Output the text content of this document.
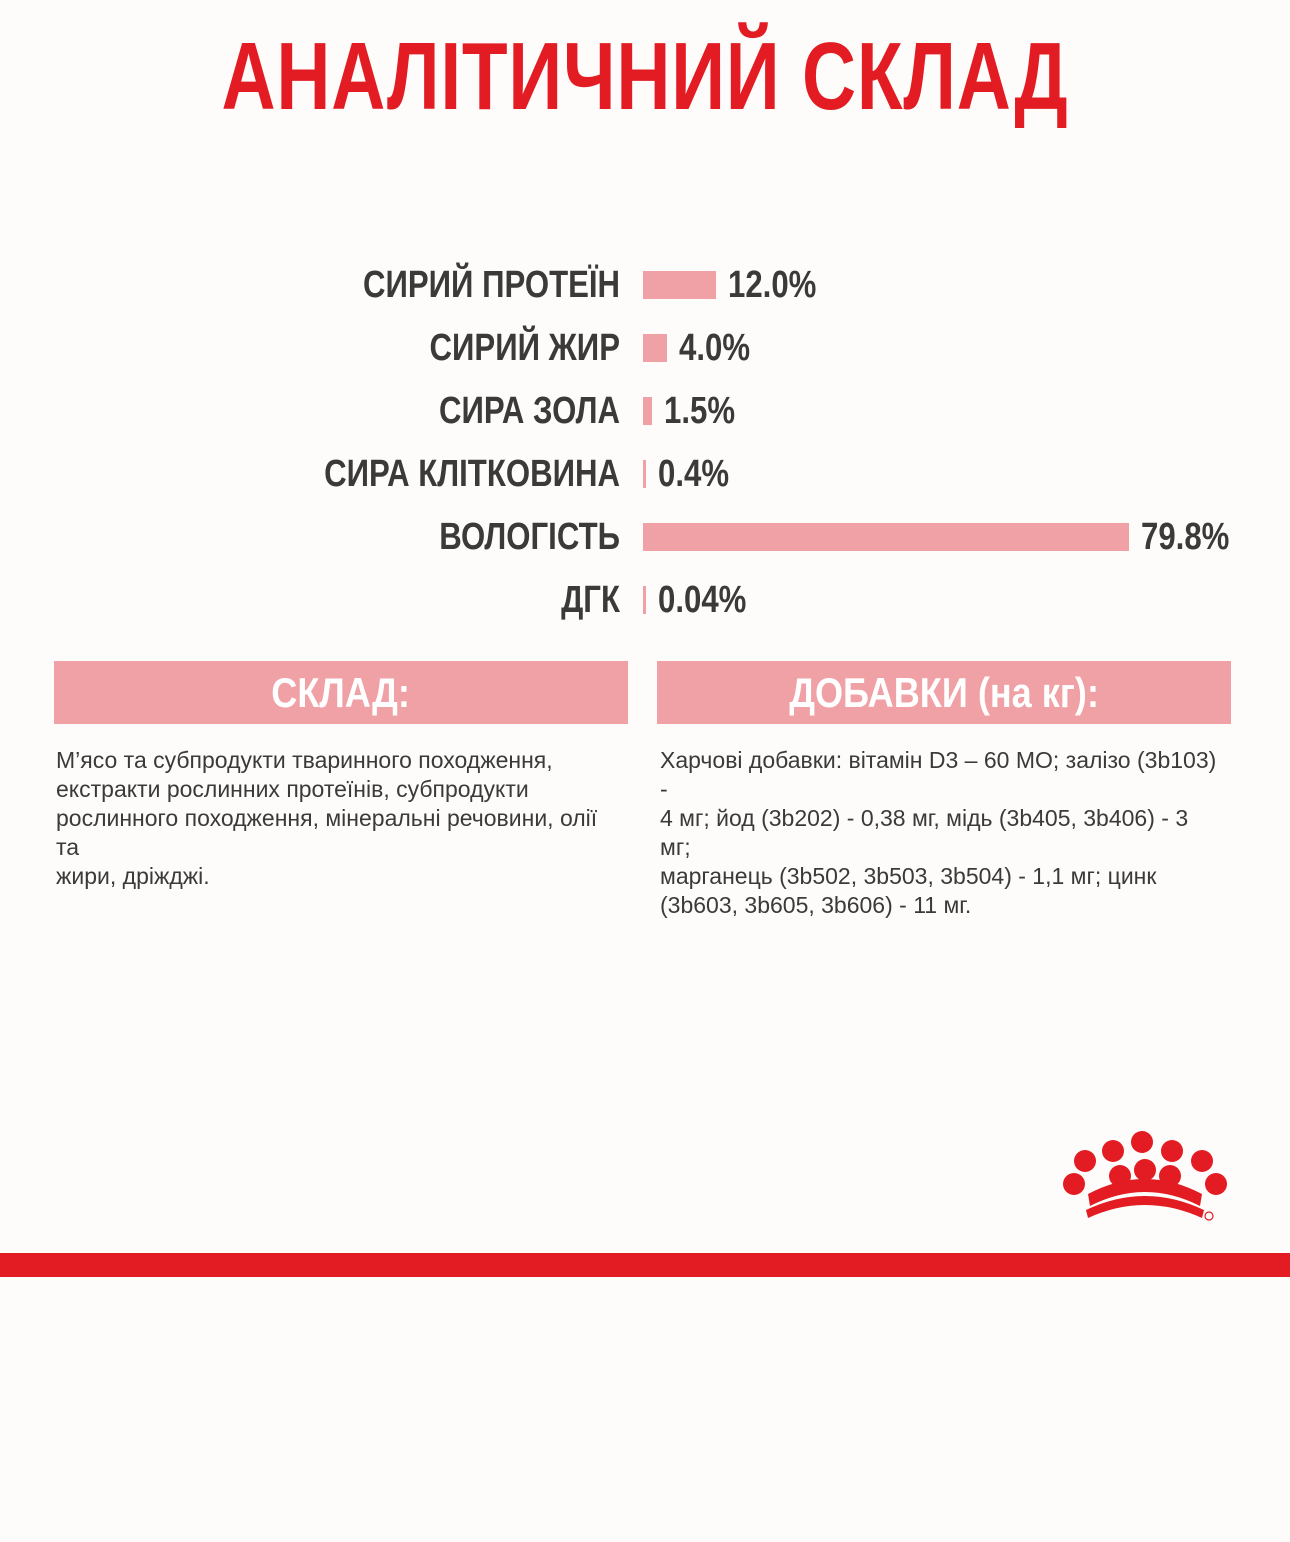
АНАЛІТИЧНИЙ СКЛАД
СИРИЙ ПРОТЕЇН	12.0%
СИРИЙ ЖИР 4.0%
СИРА ЗОЛА 1.5%
СИРА КЛІТКОВИНА 0.4%
ВОЛОГІСТЬ	79.8%
ДГК 0.04%
СКЛАД:
М’ясо та субпродукти тваринного походження,
екстракти рослинних протеїнів, субпродукти
рослинного походження, мінеральні речовини, олії та
жири, дріжджі.
ДОБАВКИ (на кг):
Харчові добавки: вітамін D3 – 60 МО; залізо (3b103) -
4 мг; йод (3b202) - 0,38 мг, мідь (3b405, 3b406) - 3 мг;
марганець (3b502, 3b503, 3b504) - 1,1 мг; цинк
(3b603, 3b605, 3b606) - 11 мг.
